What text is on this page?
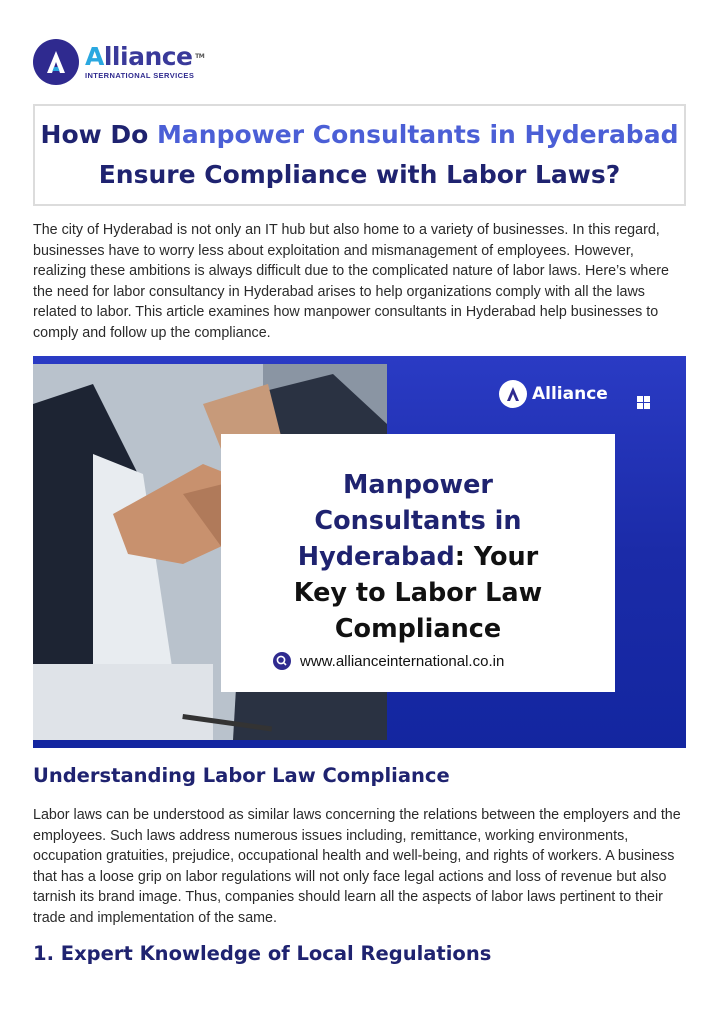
Alliance TM
INTERNATIONAL SERVICES
How Do Manpower Consultants in Hyderabad
Ensure Compliance with Labor Laws?

The city of Hyderabad is not only an IT hub but also home to a variety of businesses. In this regard, businesses have to worry less about exploitation and mismanagement of employees. However, realizing these ambitions is always difficult due to the complicated nature of labor laws. Here’s where the need for labor consultancy in Hyderabad arises to help organizations comply with all the laws related to labor. This article examines how manpower consultants in Hyderabad help businesses to comply and follow up the compliance.

Alliance
Manpower
Consultants in
Hyderabad: Your
Key to Labor Law
Compliance
www.allianceinternational.co.in
Understanding Labor Law Compliance

Labor laws can be understood as similar laws concerning the relations between the employers and the employees. Such laws address numerous issues including, remittance, working environments, occupation gratuities, prejudice, occupational health and well-being, and rights of workers. A business that has a loose grip on labor regulations will not only face legal actions and loss of revenue but also tarnish its brand image. Thus, companies should learn all the aspects of labor laws pertinent to their trade and implementation of the same.

1. Expert Knowledge of Local Regulations
